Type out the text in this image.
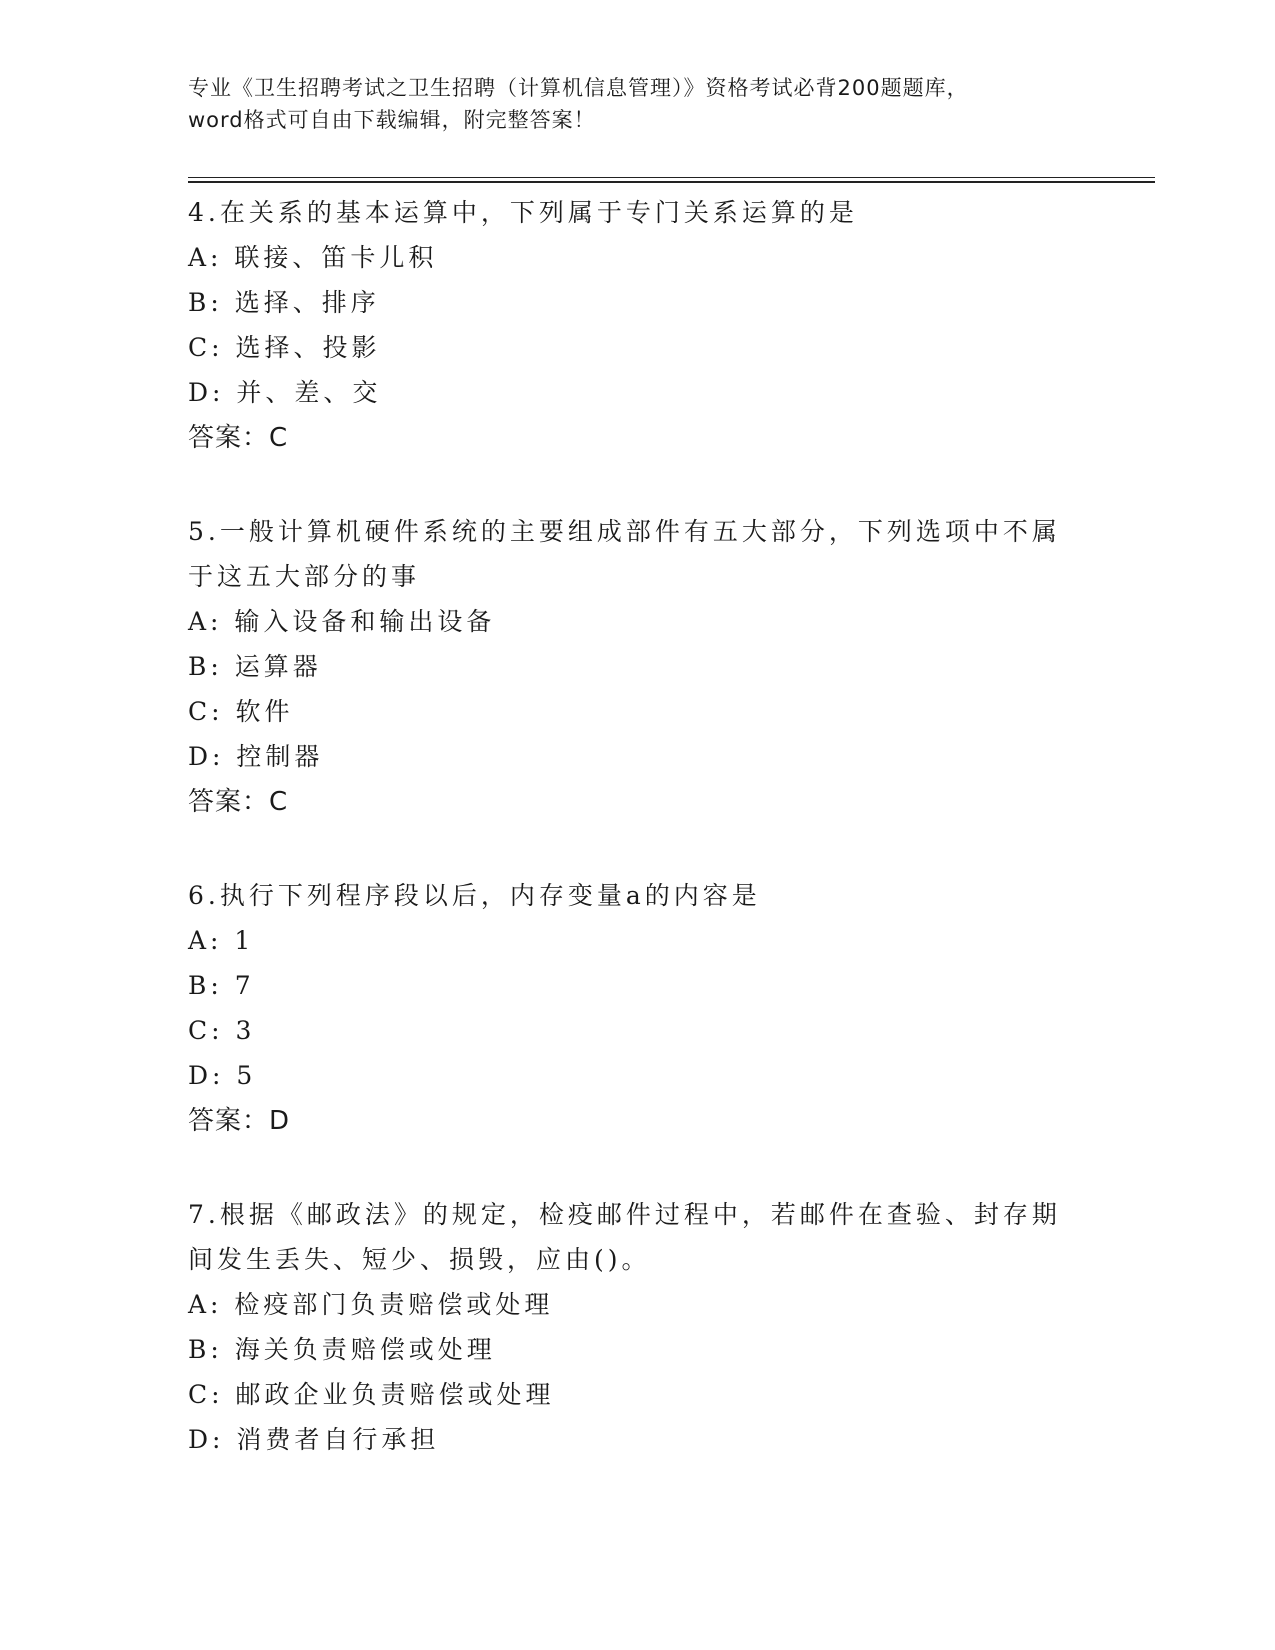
专业《卫生招聘考试之卫生招聘（计算机信息管理）》资格考试必背200题题库，
word格式可自由下载编辑，附完整答案！

4.在关系的基本运算中，下列属于专门关系运算的是

A: 联接、笛卡儿积

B: 选择、排序

C: 选择、投影

D: 并、差、交

答案：C

5.一般计算机硬件系统的主要组成部件有五大部分，下列选项中不属

于这五大部分的事

A: 输入设备和输出设备

B: 运算器

C: 软件

D: 控制器

答案：C

6.执行下列程序段以后，内存变量a的内容是

A: 1

B: 7

C: 3

D: 5

答案：D

7.根据《邮政法》的规定，检疫邮件过程中，若邮件在查验、封存期

间发生丢失、短少、损毁，应由()。

A: 检疫部门负责赔偿或处理

B: 海关负责赔偿或处理

C: 邮政企业负责赔偿或处理

D: 消费者自行承担
